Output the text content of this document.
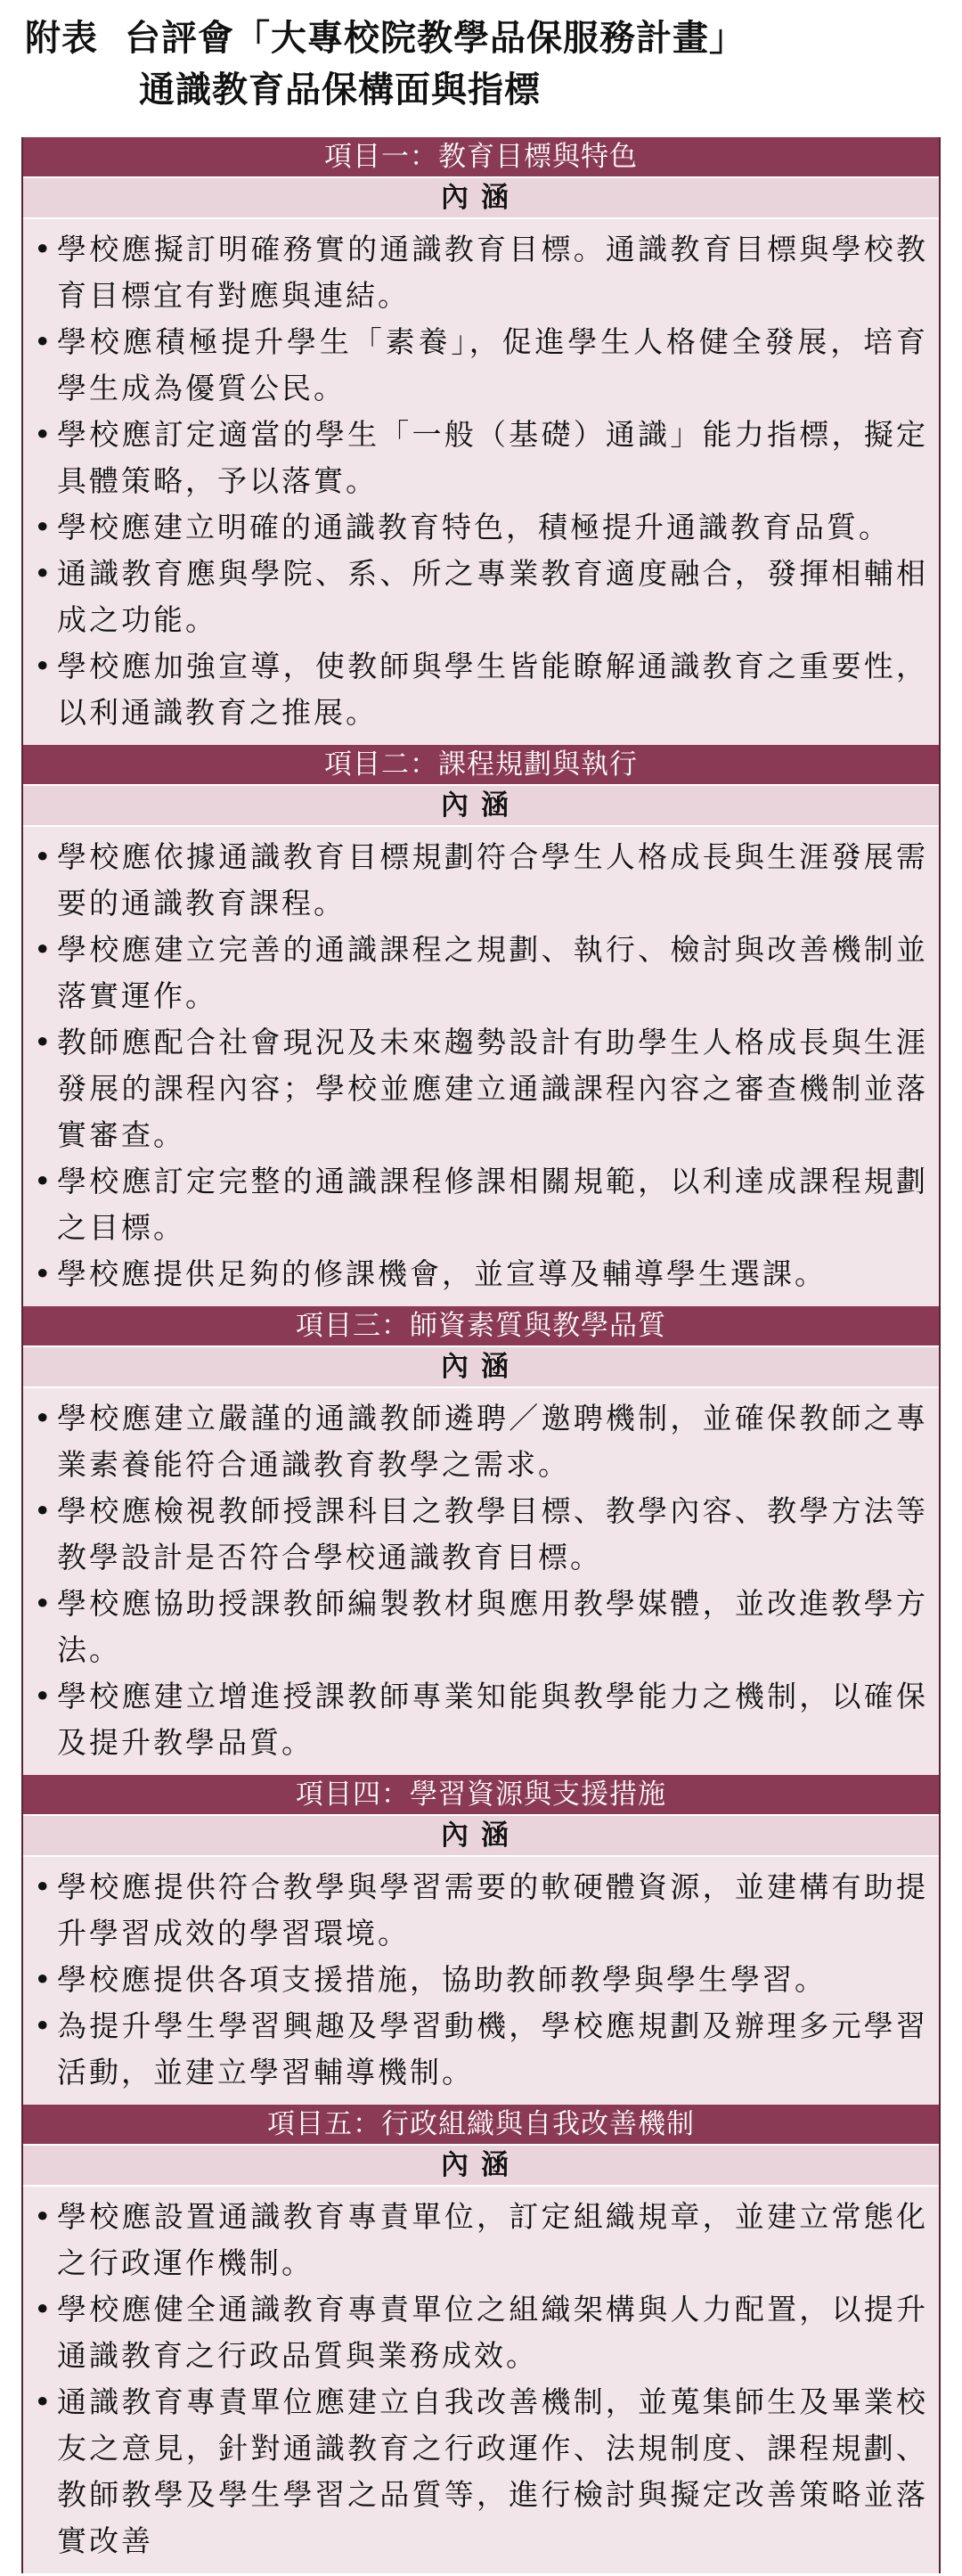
附表 台評會「大專校院教學品保服務計畫」
通識教育品保構面與指標
項目一：教育目標與特色
內涵
• 學校應擬訂明確務實的通識教育目標。通識教育目標與學校教育目標宜有對應與連結。
• 學校應積極提升學生「素養」，促進學生人格健全發展，培育學生成為優質公民。
• 學校應訂定適當的學生「一般（基礎）通識」能力指標，擬定具體策略，予以落實。
• 學校應建立明確的通識教育特色，積極提升通識教育品質。
• 通識教育應與學院、系、所之專業教育適度融合，發揮相輔相成之功能。
• 學校應加強宣導，使教師與學生皆能瞭解通識教育之重要性，以利通識教育之推展。
項目二：課程規劃與執行
內涵
• 學校應依據通識教育目標規劃符合學生人格成長與生涯發展需要的通識教育課程。
• 學校應建立完善的通識課程之規劃、執行、檢討與改善機制並落實運作。
• 教師應配合社會現況及未來趨勢設計有助學生人格成長與生涯發展的課程內容；學校並應建立通識課程內容之審查機制並落實審查。
• 學校應訂定完整的通識課程修課相關規範，以利達成課程規劃之目標。
• 學校應提供足夠的修課機會，並宣導及輔導學生選課。
項目三：師資素質與教學品質
內涵
• 學校應建立嚴謹的通識教師遴聘／邀聘機制，並確保教師之專業素養能符合通識教育教學之需求。
• 學校應檢視教師授課科目之教學目標、教學內容、教學方法等教學設計是否符合學校通識教育目標。
• 學校應協助授課教師編製教材與應用教學媒體，並改進教學方法。
• 學校應建立增進授課教師專業知能與教學能力之機制，以確保及提升教學品質。
項目四：學習資源與支援措施
內涵
• 學校應提供符合教學與學習需要的軟硬體資源，並建構有助提升學習成效的學習環境。
• 學校應提供各項支援措施，協助教師教學與學生學習。
• 為提升學生學習興趣及學習動機，學校應規劃及辦理多元學習活動，並建立學習輔導機制。
項目五：行政組織與自我改善機制
內涵
• 學校應設置通識教育專責單位，訂定組織規章，並建立常態化之行政運作機制。
• 學校應健全通識教育專責單位之組織架構與人力配置，以提升通識教育之行政品質與業務成效。
• 通識教育專責單位應建立自我改善機制，並蒐集師生及畢業校友之意見，針對通識教育之行政運作、法規制度、課程規劃、教師教學及學生學習之品質等，進行檢討與擬定改善策略並落實改善
